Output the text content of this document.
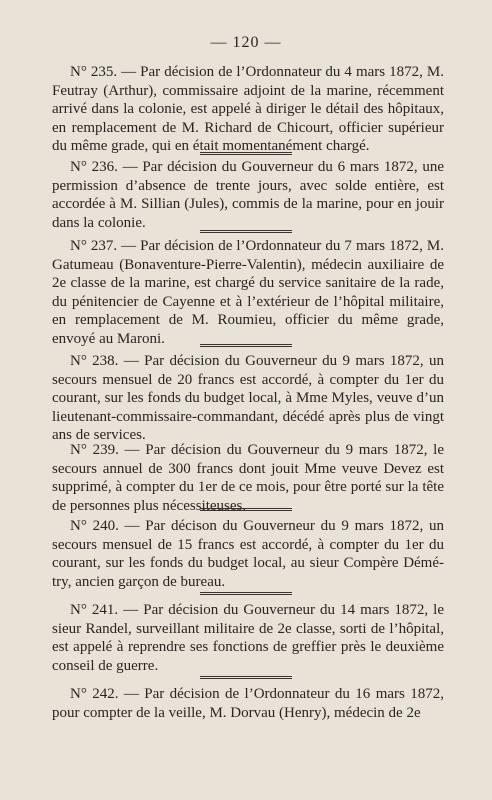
— 120 —

N° 235. — Par décision de l’Ordonnateur du 4 mars 1872, M. Feutray (Arthur), commissaire adjoint de la marine, récemment arrivé dans la colonie, est appelé à diriger le détail des hôpitaux, en remplacement de M. Richard de Chicourt, officier supérieur du même grade, qui en était momentanément chargé.

N° 236. — Par décision du Gouverneur du 6 mars 1872, une permission d’absence de trente jours, avec solde entière, est accordée à M. Sillian (Jules), commis de la marine, pour en jouir dans la colonie.

N° 237. — Par décision de l’Ordonnateur du 7 mars 1872, M. Gatumeau (Bonaventure-Pierre-Valentin), médecin auxiliaire de 2e classe de la marine, est chargé du service sanitaire de la rade, du pénitencier de Cayenne et à l’extérieur de l’hôpital militaire, en remplacement de M. Roumieu, officier du même grade, envoyé au Maroni.

N° 238. — Par décision du Gouverneur du 9 mars 1872, un secours mensuel de 20 francs est accordé, à compter du 1er du courant, sur les fonds du budget local, à Mme Myles, veuve d’un lieutenant-commissaire-commandant, décédé après plus de vingt ans de services.

N° 239. — Par décision du Gouverneur du 9 mars 1872, le secours annuel de 300 francs dont jouit Mme veuve Devez est supprimé, à compter du 1er de ce mois, pour être porté sur la tête de personnes plus nécessiteuses.

N° 240. — Par décison du Gouverneur du 9 mars 1872, un secours mensuel de 15 francs est accordé, à compter du 1er du courant, sur les fonds du budget local, au sieur Compère Démé-try, ancien garçon de bureau.

N° 241. — Par décision du Gouverneur du 14 mars 1872, le sieur Randel, surveillant militaire de 2e classe, sorti de l’hôpital, est appelé à reprendre ses fonctions de greffier près le deuxième conseil de guerre.

N° 242. — Par décision de l’Ordonnateur du 16 mars 1872, pour compter de la veille, M. Dorvau (Henry), médecin de 2e
